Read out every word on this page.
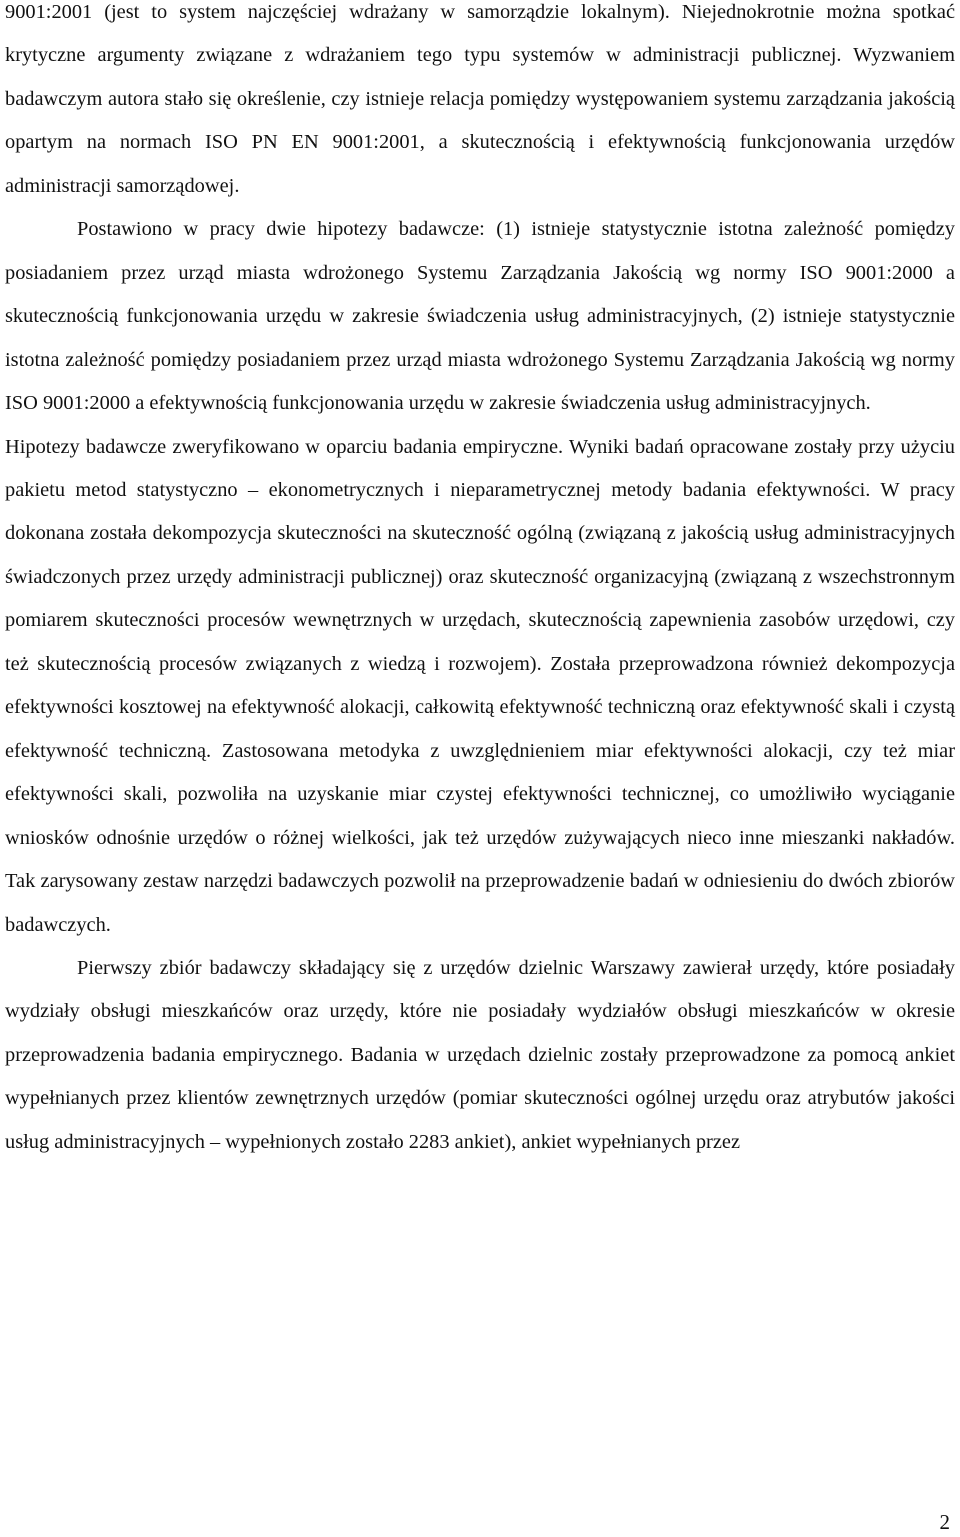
9001:2001 (jest to system najczęściej wdrażany w samorządzie lokalnym). Niejednokrotnie można spotkać krytyczne argumenty związane z wdrażaniem tego typu systemów w administracji publicznej. Wyzwaniem badawczym autora stało się określenie, czy istnieje relacja pomiędzy występowaniem systemu zarządzania jakością opartym na normach ISO PN EN 9001:2001, a skutecznością i efektywnością funkcjonowania urzędów administracji samorządowej.

Postawiono w pracy dwie hipotezy badawcze: (1) istnieje statystycznie istotna zależność pomiędzy posiadaniem przez urząd miasta wdrożonego Systemu Zarządzania Jakością wg normy ISO 9001:2000 a skutecznością funkcjonowania urzędu w zakresie świadczenia usług administracyjnych, (2) istnieje statystycznie istotna zależność pomiędzy posiadaniem przez urząd miasta wdrożonego Systemu Zarządzania Jakością wg normy ISO 9001:2000 a efektywnością funkcjonowania urzędu w zakresie świadczenia usług administracyjnych.

Hipotezy badawcze zweryfikowano w oparciu badania empiryczne. Wyniki badań opracowane zostały przy użyciu pakietu metod statystyczno – ekonometrycznych i nieparametrycznej metody badania efektywności. W pracy dokonana została dekompozycja skuteczności na skuteczność ogólną (związaną z jakością usług administracyjnych świadczonych przez urzędy administracji publicznej) oraz skuteczność organizacyjną (związaną z wszechstronnym pomiarem skuteczności procesów wewnętrznych w urzędach, skutecznością zapewnienia zasobów urzędowi, czy też skutecznością procesów związanych z wiedzą i rozwojem). Została przeprowadzona również dekompozycja efektywności kosztowej na efektywność alokacji, całkowitą efektywność techniczną oraz efektywność skali i czystą efektywność techniczną. Zastosowana metodyka z uwzględnieniem miar efektywności alokacji, czy też miar efektywności skali, pozwoliła na uzyskanie miar czystej efektywności technicznej, co umożliwiło wyciąganie wniosków odnośnie urzędów o różnej wielkości, jak też urzędów zużywających nieco inne mieszanki nakładów. Tak zarysowany zestaw narzędzi badawczych pozwolił na przeprowadzenie badań w odniesieniu do dwóch zbiorów badawczych.

Pierwszy zbiór badawczy składający się z urzędów dzielnic Warszawy zawierał urzędy, które posiadały wydziały obsługi mieszkańców oraz urzędy, które nie posiadały wydziałów obsługi mieszkańców w okresie przeprowadzenia badania empirycznego. Badania w urzędach dzielnic zostały przeprowadzone za pomocą ankiet wypełnianych przez klientów zewnętrznych urzędów (pomiar skuteczności ogólnej urzędu oraz atrybutów jakości usług administracyjnych – wypełnionych zostało 2283 ankiet), ankiet wypełnianych przez

2
